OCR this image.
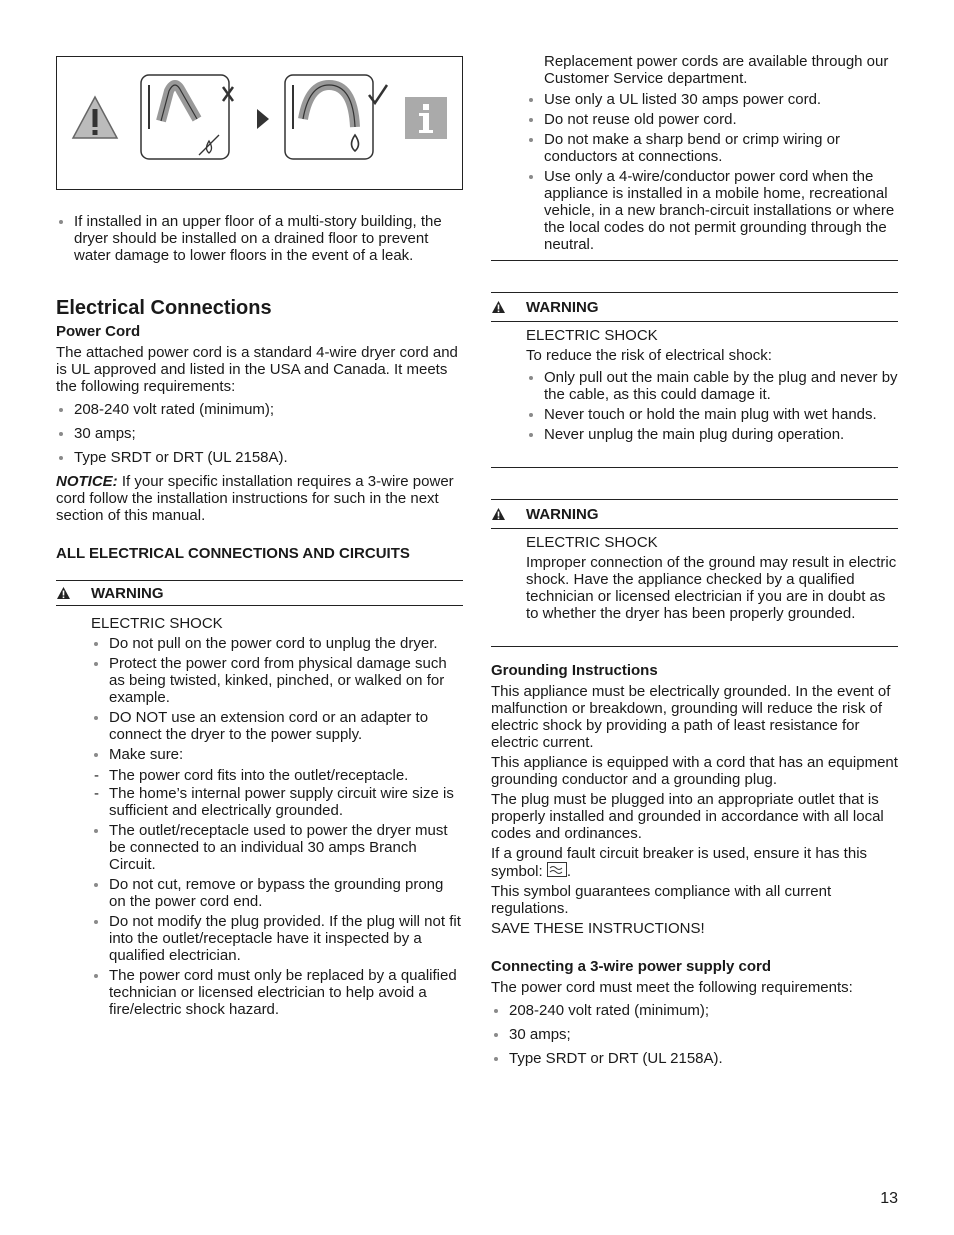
If installed in an upper floor of a multi-story building, the dryer should be installed on a drained floor to prevent water damage to lower floors in the event of a leak.
Electrical Connections
Power Cord

The attached power cord is a standard 4-wire dryer cord and is UL approved and listed in the USA and Canada. It meets the following requirements:

208-240 volt rated (minimum);
30 amps;
Type SRDT or DRT (UL 2158A).

NOTICE: If your specific installation requires a 3-wire power cord follow the installation instructions for such in the next section of this manual.

ALL ELECTRICAL CONNECTIONS AND CIRCUITS
WARNING

ELECTRIC SHOCK

Do not pull on the power cord to unplug the dryer.
Protect the power cord from physical damage such as being twisted, kinked, pinched, or walked on for example.
DO NOT use an extension cord or an adapter to connect the dryer to the power supply.
Make sure:
- The power cord fits into the outlet/receptacle.
- The home’s internal power supply circuit wire size is sufficient and electrically grounded.
The outlet/receptacle used to power the dryer must be connected to an individual 30 amps Branch Circuit.
Do not cut, remove or bypass the grounding prong on the power cord end.
Do not modify the plug provided. If the plug will not fit into the outlet/receptacle have it inspected by a qualified electrician.
The power cord must only be replaced by a qualified technician or licensed electrician to help avoid a fire/electric shock hazard.

Replacement power cords are available through our Customer Service department.

Use only a UL listed 30 amps power cord.
Do not reuse old power cord.
Do not make a sharp bend or crimp wiring or conductors at connections.
Use only a 4-wire/conductor power cord when the appliance is installed in a mobile home, recreational vehicle, in a new branch-circuit installations or where the local codes do not permit grounding through the neutral.
WARNING

ELECTRIC SHOCK

To reduce the risk of electrical shock:

Only pull out the main cable by the plug and never by the cable, as this could damage it.
Never touch or hold the main plug with wet hands.
Never unplug the main plug during operation.
WARNING

ELECTRIC SHOCK

Improper connection of the ground may result in electric shock. Have the appliance checked by a qualified technician or licensed electrician if you are in doubt as to whether the dryer has been properly grounded.

Grounding Instructions

This appliance must be electrically grounded. In the event of malfunction or breakdown, grounding will reduce the risk of electric shock by providing a path of least resistance for electric current.

This appliance is equipped with a cord that has an equipment grounding conductor and a grounding plug.

The plug must be plugged into an appropriate outlet that is properly installed and grounded in accordance with all local codes and ordinances.

If a ground fault circuit breaker is used, ensure it has this symbol: .

This symbol guarantees compliance with all current regulations.

SAVE THESE INSTRUCTIONS!

Connecting a 3-wire power supply cord

The power cord must meet the following requirements:

208-240 volt rated (minimum);
30 amps;
Type SRDT or DRT (UL 2158A).
13
